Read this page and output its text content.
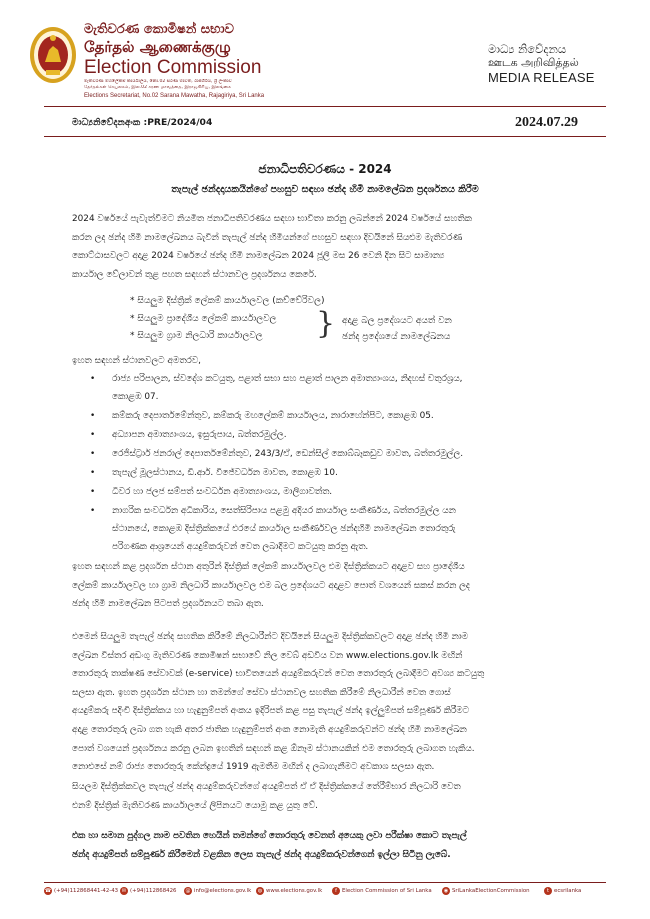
මැතිවරණ කොමිෂන් සභාව
தேர்தல் ஆணைக்குழு
Election Commission
මැතිවරණ මහලේකම් කාර්යාලය, නො.02 සරණ මාවත, රාජගිරිය, ශ්‍රී ලංකාව
தேர்தல்கள் செயலகம், இல.02 சரண மாவத்தை, இராஜகிரிய, இலங்கை
Elections Secretariat, No.02 Sarana Mawatha, Rajagiriya, Sri Lanka
මාධ්‍ය නිවේදනය
ஊடக அறிவித்தல்
MEDIA RELEASE
මාධ්‍යනිවේදනඅංක :PRE/2024/04	2024.07.29
ජනාධිපතිවරණය - 2024
තැපැල් ඡන්දදායකයින්ගේ පහසුව සඳහා ඡන්ද හිමි නාමලේඛන ප්‍රදර්ශනය කිරීම
2024 වර්ෂයේ පැවැත්වීමට නියමිත ජනාධිපතිවරණය සඳහා භාවිතා කරනු ලබන්නේ 2024 වර්ෂයේ සහතික
කරන ලද ඡන්ද හිමි නාමලේඛනය බැවින් තැපැල් ඡන්ද හිමියන්ගේ පහසුව සඳහා දිවයිනේ සියළුම මැතිවරණ
කොට්ඨාසවලට අදාළ 2024 වර්ෂයේ ඡන්ද හිමි නාමලේඛන 2024 ජූලි මස 26 වෙනි දින සිට සාමාන්‍ය
කාර්යාල වේලාවන් තුළ පහත සඳහන් ස්ථානවල ප්‍රදර්ශනය කෙරේ.
* සියලුම දිස්ත්‍රික් ලේකම් කාර්යාලවල (කච්චේරිවල)
* සියලුම ප්‍රාදේශීය ලේකම් කාර්යාලවල
* සියලුම ග්‍රාම නිලධාරි කාර්යාලවල } අදාළ බල ප්‍රදේශයට අයත් වන
ඡන්ද ප්‍රදේශයේ නාමලේඛනය
ඉහත සඳහන් ස්ථානවලට අමතරව,
• රාජ්‍ය පරිපාලන, ස්වදේශ කටයුතු, පළාත් සභා සහ පළාත් පාලන අමාත්‍යාංශය, නිදහස් චතුරශ්‍රය,
කොළඹ 07.
• කම්කරු දෙපාර්තමේන්තුව, කම්කරු මහලේකම් කාර්යාලය, නාරාහේන්පිට, කොළඹ 05.
• අධ්‍යාපන අමාත්‍යාංශය, ඉසුරුපාය, බත්තරමුල්ල.
• රෙජිස්ට්‍රාර් ජනරාල් දෙපාර්තමේන්තුව, 243/3/ඒ, ඩෙන්සිල් කොබ්බෑකඩුව මාවත, බත්තරමුල්ල.
• තැපැල් මූලස්ථානය, ඩී.ආර්. විජේවර්ධන මාවත, කොළඹ 10.
• ධීවර හා ජලජ සම්පත් සංවර්ධන අමාත්‍යාංශය, මාලිගාවත්ත.
• නාගරික සංවර්ධන අධිකාරිය, සෙත්සිරිපාය පළමු අදියර කාර්යාල සංකීර්ණය, බත්තරමුල්ල යන
ස්ථානයේ, කොළඹ දිස්ත්‍රික්කයේ එරයේ කාර්යාල සංකීර්ණවල ඡන්දහිමි නාමලේඛන තොරතුරු
පරිගණක ආශ්‍රයෙන් අයදුම්කරුවන් වෙත ලබාදීමට කටයුතු කරනු ඇත.
ඉහත සඳහන් කළ ප්‍රදර්ශන ස්ථාන අතුරින් දිස්ත්‍රික් ලේකම් කාර්යාලවල එම දිස්ත්‍රික්කයට අදාළව සහ ප්‍රාදේශීය
ලේකම් කාර්යාලවල හා ග්‍රාම නිලධාරි කාර්යාලවල එම බල ප්‍රදේශයට අදාළව පොත් වශයෙන් සකස් කරන ලද
ඡන්ද හිමි නාමලේඛන පිටපත් ප්‍රදර්ශනයට තබා ඇත.
එමෙන් සියලුම තැපැල් ඡන්ද සහතික කිරීමේ නිලධාරීන්ට දිවයිනේ සියලුම දිස්ත්‍රික්කවලට අදාළ ඡන්ද හිමි නාම
ලේඛන විස්තර අඩංගු මැතිවරණ කොමිෂන් සභාවේ නිල වෙබ් අඩවිය වන www.elections.gov.lk මඟින්
තොරතුරු තාක්ෂණ සේවාවක් (e-service) භාවිතයෙන් අයදුම්කරුවන් වෙත තොරතුරු ලබාදීමට අවශ්‍ය කටයුතු
සලසා ඇත. ඉහත ප්‍රදර්ශන ස්ථාන හා තමන්ගේ සේවා ස්ථානවල සහතික කිරීමේ නිලධාරීන් වෙත ගොස්
අයදුම්කරු පදිංචි දිස්ත්‍රික්කය හා හැඳුනුම්පත් අංකය ඉදිරිපත් කළ පසු තැපැල් ඡන්ද ඉල්ලුම්පත් සම්පූර්ණ කිරීමට
අදාළ තොරතුරු ලබා ගත හැකි අතර ජාතික හැඳුනුම්පත් අංක නොමැති අයදුම්කරුවන්ට ඡන්ද හිමි නාමලේඛන
පොත් වශයෙන් ප්‍රදර්ශනය කරනු ලබන ඉහතින් සඳහන් කළ ඕනෑම ස්ථානයකින් එම තොරතුරු ලබාගත හැකිය.
නොඑසේ නම් රාජ්‍ය තොරතුරු කේන්ද්‍රයේ 1919 ඇමතීම මඟින් ද ලබාගැනීමට අවකාශ සලසා ඇත.
සියලම දිස්ත්‍රික්කවල තැපැල් ඡන්ද අයදුම්කරුවන්ගේ අයදුම්පත් ඒ ඒ දිස්ත්‍රික්කයේ තේරීම්භාර නිලධාරි වෙත
එනම් දිස්ත්‍රික් මැතිවරණ කාර්යාලයේ ලිපිනයට යොමු කළ යුතු වේ.
එක හා සමාන පුද්ගල නාම පවතින හෙයින් තමන්ගේ තොරතුරු වෙනත් අයෙකු ලවා පරීක්ෂා කොට තැපැල්
ඡන්ද අයදුම්පත් සම්පූර්ණ කිරීමෙන් වළකින ලෙස තැපැල් ඡන්ද අයදුම්කරුවන්ගෙන් ඉල්ලා සිටිනු ලැබේ.
☎ (+94)112868441-42-43 ✉ (+94)112868426	@ info@elections.gov.lk	◍ www.elections.gov.lk	f Election Commission of Sri Lanka	◉ SriLankaElectionCommission	t ecsrilanka
